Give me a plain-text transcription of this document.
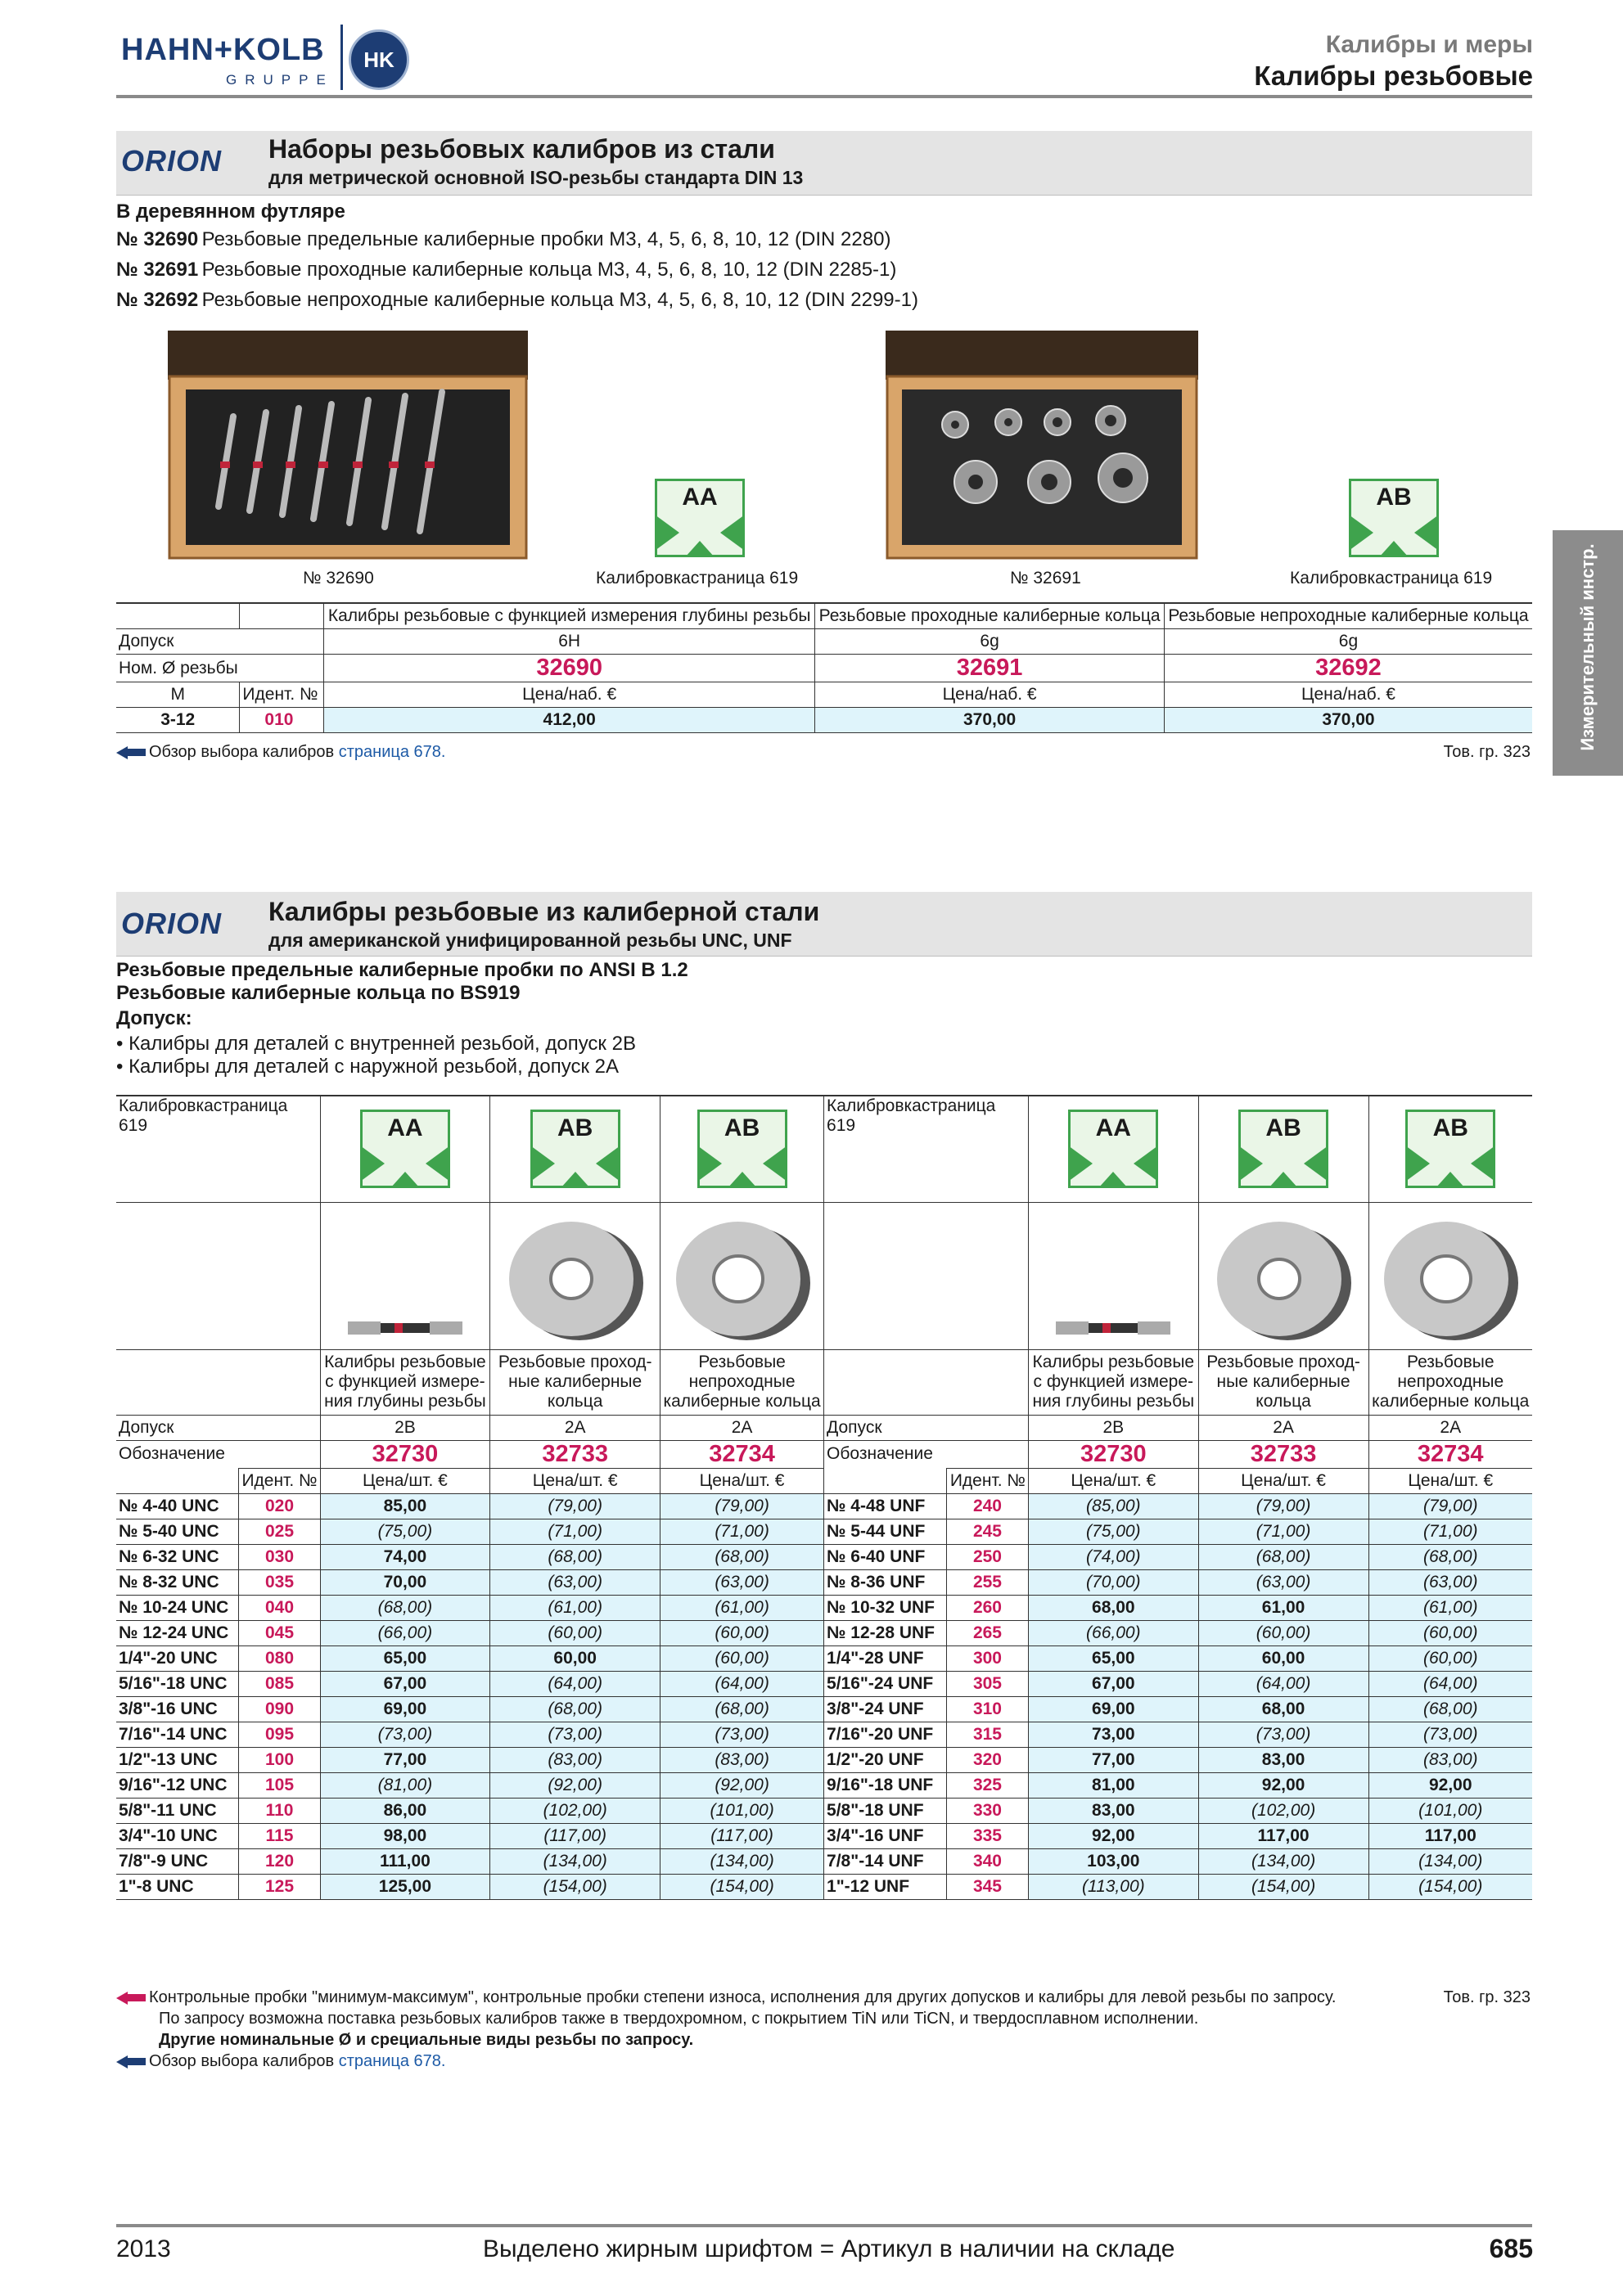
HAHN+KOLB
GRUPPE
HK
Калибры и меры
Калибры резьбовые
Измерительный инстр.
ORION Наборы резьбовых калибров из стали
для метрической основной ISO-резьбы стандарта DIN 13
В деревянном футляре
№ 32690 Резьбовые предельные калиберные пробки М3, 4, 5, 6, 8, 10, 12 (DIN 2280)
№ 32691 Резьбовые проходные калиберные кольца М3, 4, 5, 6, 8, 10, 12 (DIN 2285-1)
№ 32692 Резьбовые непроходные калиберные кольца М3, 4, 5, 6, 8, 10, 12 (DIN 2299-1)
AA	AB
№ 32690	Калибровкастраница 619	№ 32691	Калибровкастраница 619
		Калибры резьбовые с функцией измерения глубины резьбы	Резьбовые проходные калиберные кольца	Резьбовые непроходные калиберные кольца
Допуск		6H	6g	6g
Ном. Ø резьбы		32690	32691	32692
M	Идент. №	Цена/наб. €	Цена/наб. €	Цена/наб. €
3-12	010	412,00	370,00	370,00
Обзор выбора калибров страница 678.	Тов. гр. 323
ORION Калибры резьбовые из калиберной стали
для американской унифицированной резьбы UNC, UNF
Резьбовые предельные калиберные пробки по ANSI B 1.2
Резьбовые калиберные кольца по BS919
Допуск:
• Калибры для деталей с внутренней резьбой, допуск 2B
• Калибры для деталей с наружной резьбой, допуск 2A
Калибровкастраница 619		AA	AB	AB	Калибровкастраница 619		AA	AB	AB

		Калибры резьбовые с функцией измере- ния глубины резьбы	Резьбовые проход- ные калиберные кольца	Резьбовые непроходные калиберные кольца			Калибры резьбовые с функцией измере- ния глубины резьбы	Резьбовые проход- ные калиберные кольца	Резьбовые непроходные калиберные кольца
Допуск		2B	2A	2A	Допуск		2B	2A	2A
Обозначение		32730	32733	32734	Обозначение		32730	32733	32734
	Идент. №	Цена/шт. €	Цена/шт. €	Цена/шт. €		Идент. №	Цена/шт. €	Цена/шт. €	Цена/шт. €
№ 4-40 UNC	020	85,00	(79,00)	(79,00)	№ 4-48 UNF	240	(85,00)	(79,00)	(79,00)
№ 5-40 UNC	025	(75,00)	(71,00)	(71,00)	№ 5-44 UNF	245	(75,00)	(71,00)	(71,00)
№ 6-32 UNC	030	74,00	(68,00)	(68,00)	№ 6-40 UNF	250	(74,00)	(68,00)	(68,00)
№ 8-32 UNC	035	70,00	(63,00)	(63,00)	№ 8-36 UNF	255	(70,00)	(63,00)	(63,00)
№ 10-24 UNC	040	(68,00)	(61,00)	(61,00)	№ 10-32 UNF	260	68,00	61,00	(61,00)
№ 12-24 UNC	045	(66,00)	(60,00)	(60,00)	№ 12-28 UNF	265	(66,00)	(60,00)	(60,00)
1/4"-20 UNC	080	65,00	60,00	(60,00)	1/4"-28 UNF	300	65,00	60,00	(60,00)
5/16"-18 UNC	085	67,00	(64,00)	(64,00)	5/16"-24 UNF	305	67,00	(64,00)	(64,00)
3/8"-16 UNC	090	69,00	(68,00)	(68,00)	3/8"-24 UNF	310	69,00	68,00	(68,00)
7/16"-14 UNC	095	(73,00)	(73,00)	(73,00)	7/16"-20 UNF	315	73,00	(73,00)	(73,00)
1/2"-13 UNC	100	77,00	(83,00)	(83,00)	1/2"-20 UNF	320	77,00	83,00	(83,00)
9/16"-12 UNC	105	(81,00)	(92,00)	(92,00)	9/16"-18 UNF	325	81,00	92,00	92,00
5/8"-11 UNC	110	86,00	(102,00)	(101,00)	5/8"-18 UNF	330	83,00	(102,00)	(101,00)
3/4"-10 UNC	115	98,00	(117,00)	(117,00)	3/4"-16 UNF	335	92,00	117,00	117,00
7/8"-9 UNC	120	111,00	(134,00)	(134,00)	7/8"-14 UNF	340	103,00	(134,00)	(134,00)
1"-8 UNC	125	125,00	(154,00)	(154,00)	1"-12 UNF	345	(113,00)	(154,00)	(154,00)
Контрольные пробки "минимум-максимум", контрольные пробки степени износа, исполнения для других допусков и калибры для левой резьбы по запросу.	Тов. гр. 323
По запросу возможна поставка резьбовых калибров также в твердохромном, с покрытием TiN или TiCN, и твердосплавном исполнении.
Другие номинальные Ø и срециальные виды резьбы по запросу.
Обзор выбора калибров страница 678.
2013	Выделено жирным шрифтом = Артикул в наличии на складе	685
